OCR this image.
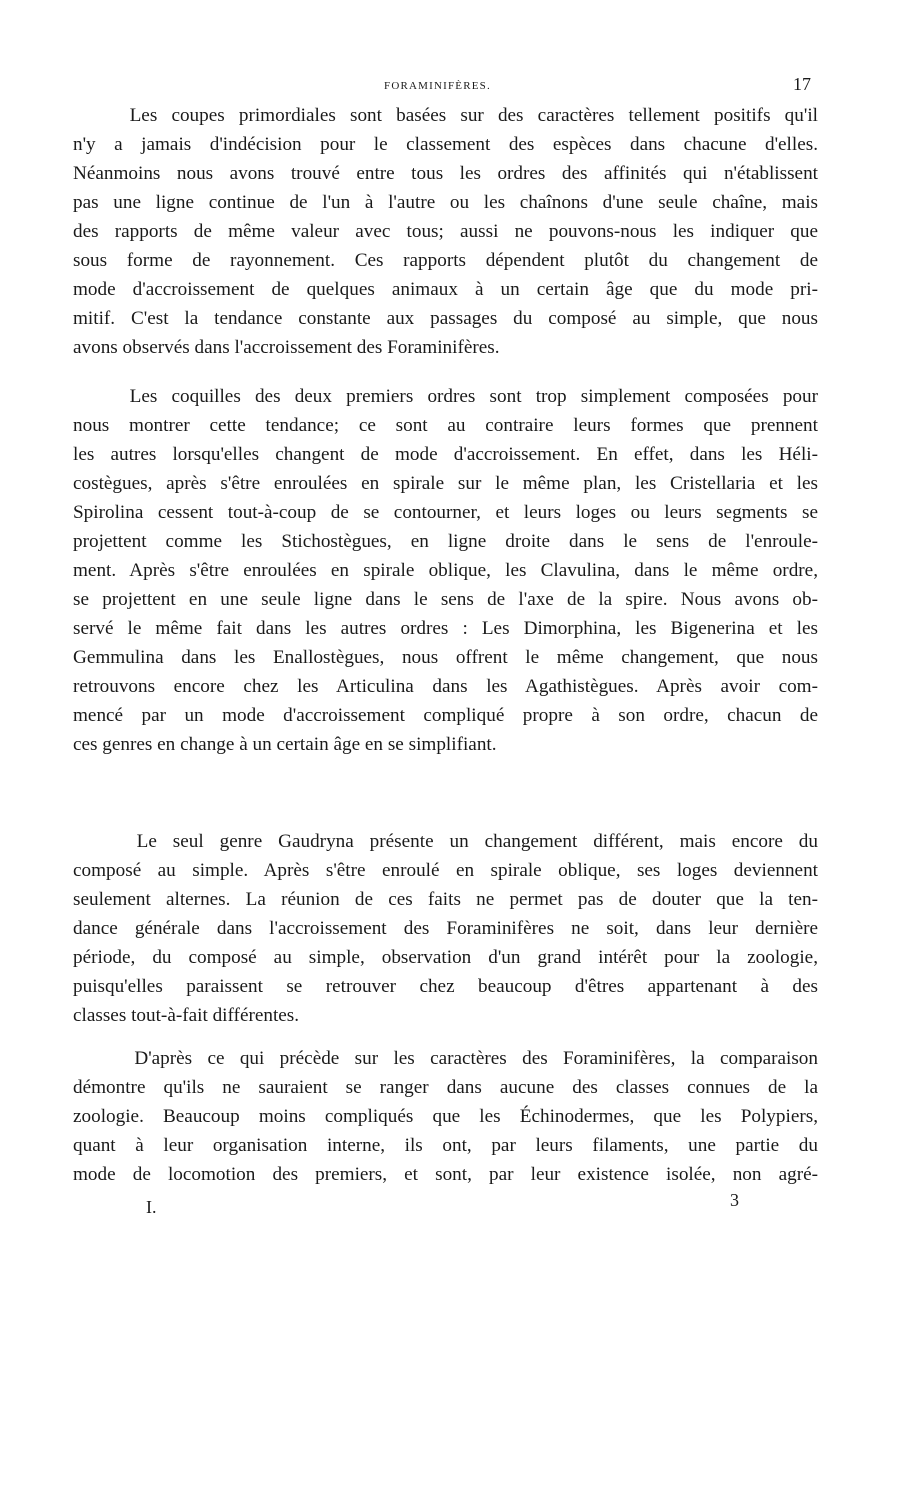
FORAMINIFÈRES.	17
Les coupes primordiales sont basées sur des caractères tellement positifs qu'il
n'y a jamais d'indécision pour le classement des espèces dans chacune d'elles.
Néanmoins nous avons trouvé entre tous les ordres des affinités qui n'établissent
pas une ligne continue de l'un à l'autre ou les chaînons d'une seule chaîne, mais
des rapports de même valeur avec tous; aussi ne pouvons-nous les indiquer que
sous forme de rayonnement. Ces rapports dépendent plutôt du changement de
mode d'accroissement de quelques animaux à un certain âge que du mode pri-
mitif. C'est la tendance constante aux passages du composé au simple, que nous
avons observés dans l'accroissement des Foraminifères.
Les coquilles des deux premiers ordres sont trop simplement composées pour
nous montrer cette tendance; ce sont au contraire leurs formes que prennent
les autres lorsqu'elles changent de mode d'accroissement. En effet, dans les Héli-
costègues, après s'être enroulées en spirale sur le même plan, les Cristellaria et les
Spirolina cessent tout-à-coup de se contourner, et leurs loges ou leurs segments se
projettent comme les Stichostègues, en ligne droite dans le sens de l'enroule-
ment. Après s'être enroulées en spirale oblique, les Clavulina, dans le même ordre,
se projettent en une seule ligne dans le sens de l'axe de la spire. Nous avons ob-
servé le même fait dans les autres ordres : Les Dimorphina, les Bigenerina et les
Gemmulina dans les Enallostègues, nous offrent le même changement, que nous
retrouvons encore chez les Articulina dans les Agathistègues. Après avoir com-
mencé par un mode d'accroissement compliqué propre à son ordre, chacun de
ces genres en change à un certain âge en se simplifiant.
Le seul genre Gaudryna présente un changement différent, mais encore du
composé au simple. Après s'être enroulé en spirale oblique, ses loges deviennent
seulement alternes. La réunion de ces faits ne permet pas de douter que la ten-
dance générale dans l'accroissement des Foraminifères ne soit, dans leur dernière
période, du composé au simple, observation d'un grand intérêt pour la zoologie,
puisqu'elles paraissent se retrouver chez beaucoup d'êtres appartenant à des
classes tout-à-fait différentes.
D'après ce qui précède sur les caractères des Foraminifères, la comparaison
démontre qu'ils ne sauraient se ranger dans aucune des classes connues de la
zoologie. Beaucoup moins compliqués que les Échinodermes, que les Polypiers,
quant à leur organisation interne, ils ont, par leurs filaments, une partie du
mode de locomotion des premiers, et sont, par leur existence isolée, non agré-
I.	3
